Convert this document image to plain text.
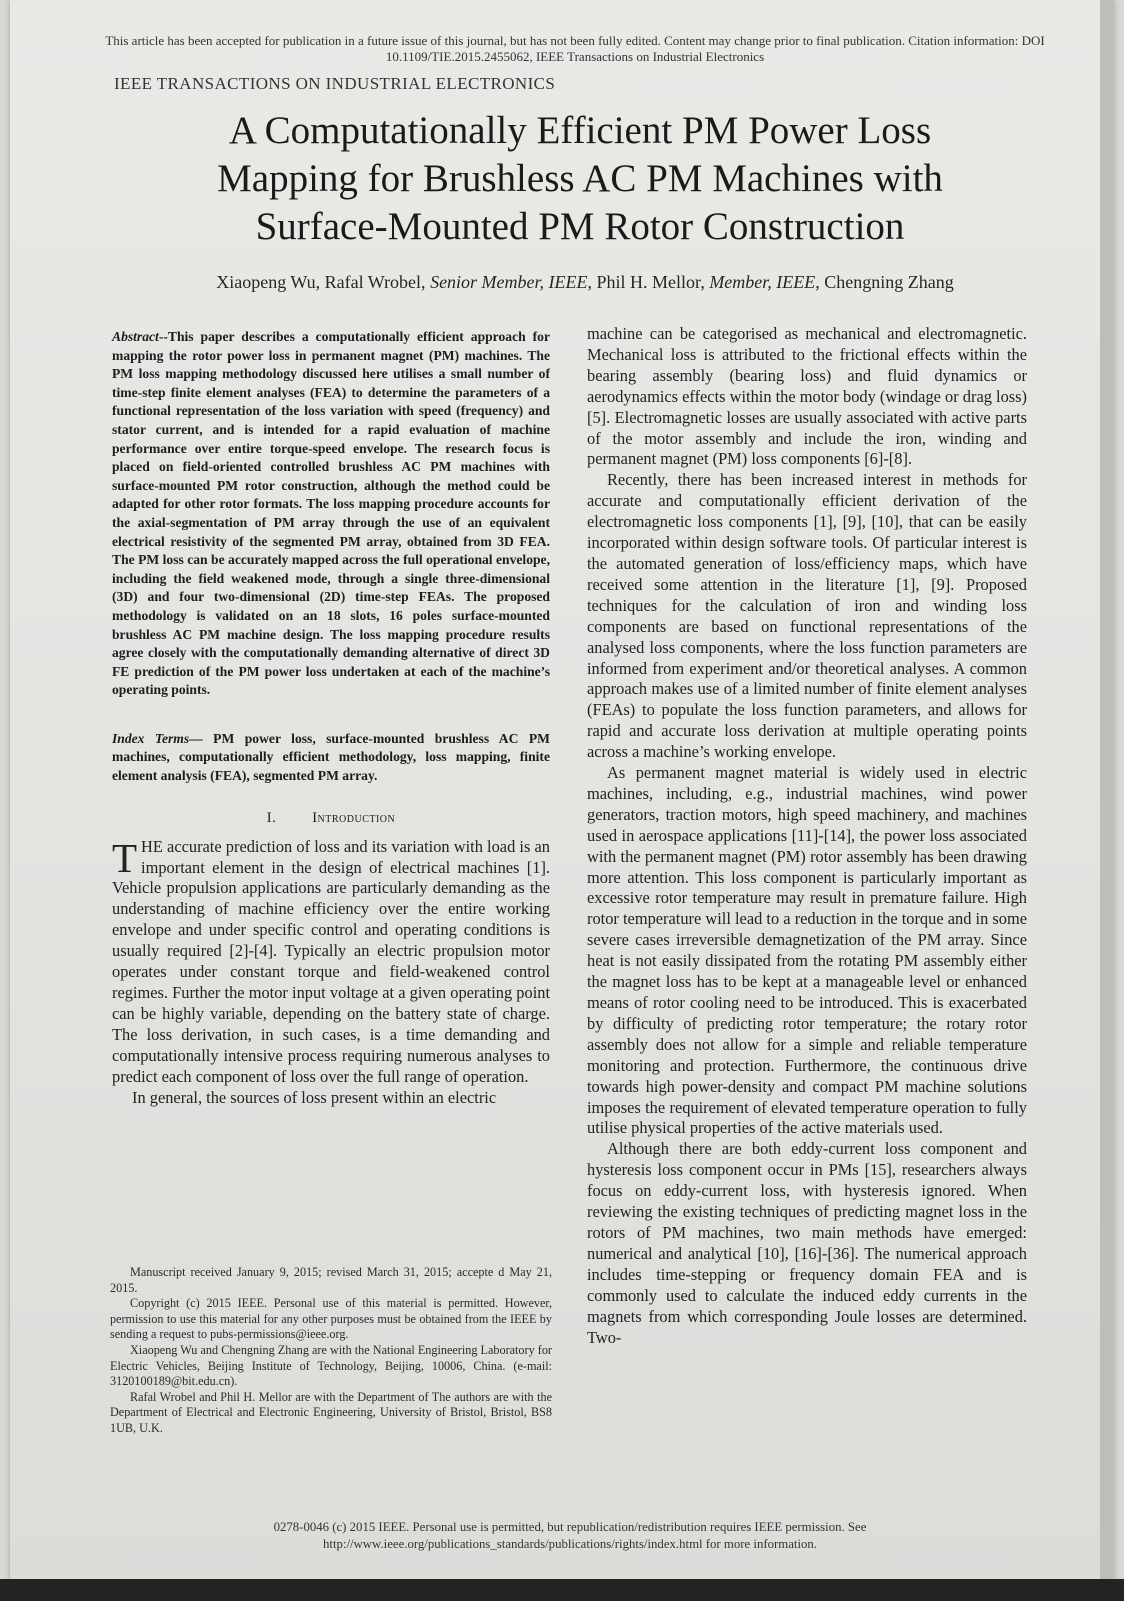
This article has been accepted for publication in a future issue of this journal, but has not been fully edited. Content may change prior to final publication. Citation information: DOI
10.1109/TIE.2015.2455062, IEEE Transactions on Industrial Electronics
IEEE TRANSACTIONS ON INDUSTRIAL ELECTRONICS
A Computationally Efficient PM Power Loss
Mapping for Brushless AC PM Machines with
Surface-Mounted PM Rotor Construction
Xiaopeng Wu, Rafal Wrobel, Senior Member, IEEE, Phil H. Mellor, Member, IEEE, Chengning Zhang
Abstract--This paper describes a computationally efficient approach for mapping the rotor power loss in permanent magnet (PM) machines. The PM loss mapping methodology discussed here utilises a small number of time-step finite element analyses (FEA) to determine the parameters of a functional representation of the loss variation with speed (frequency) and stator current, and is intended for a rapid evaluation of machine performance over entire torque-speed envelope. The research focus is placed on field-oriented controlled brushless AC PM machines with surface-mounted PM rotor construction, although the method could be adapted for other rotor formats. The loss mapping procedure accounts for the axial-segmentation of PM array through the use of an equivalent electrical resistivity of the segmented PM array, obtained from 3D FEA. The PM loss can be accurately mapped across the full operational envelope, including the field weakened mode, through a single three-dimensional (3D) and four two-dimensional (2D) time-step FEAs. The proposed methodology is validated on an 18 slots, 16 poles surface-mounted brushless AC PM machine design. The loss mapping procedure results agree closely with the computationally demanding alternative of direct 3D FE prediction of the PM power loss undertaken at each of the machine’s operating points.
Index Terms— PM power loss, surface-mounted brushless AC PM machines, computationally efficient methodology, loss mapping, finite element analysis (FEA), segmented PM array.
I. Introduction

THE accurate prediction of loss and its variation with load is an important element in the design of electrical machines [1]. Vehicle propulsion applications are particularly demanding as the understanding of machine efficiency over the entire working envelope and under specific control and operating conditions is usually required [2]-[4]. Typically an electric propulsion motor operates under constant torque and field-weakened control regimes. Further the motor input voltage at a given operating point can be highly variable, depending on the battery state of charge. The loss derivation, in such cases, is a time demanding and computationally intensive process requiring numerous analyses to predict each component of loss over the full range of operation.

In general, the sources of loss present within an electric

Manuscript received January 9, 2015; revised March 31, 2015; accepte d May 21, 2015.

Copyright (c) 2015 IEEE. Personal use of this material is permitted. However, permission to use this material for any other purposes must be obtained from the IEEE by sending a request to pubs-permissions@ieee.org.

Xiaopeng Wu and Chengning Zhang are with the National Engineering Laboratory for Electric Vehicles, Beijing Institute of Technology, Beijing, 10006, China. (e-mail: 3120100189@bit.edu.cn).

Rafal Wrobel and Phil H. Mellor are with the Department of The authors are with the Department of Electrical and Electronic Engineering, University of Bristol, Bristol, BS8 1UB, U.K.

machine can be categorised as mechanical and electromagnetic. Mechanical loss is attributed to the frictional effects within the bearing assembly (bearing loss) and fluid dynamics or aerodynamics effects within the motor body (windage or drag loss) [5]. Electromagnetic losses are usually associated with active parts of the motor assembly and include the iron, winding and permanent magnet (PM) loss components [6]-[8].

Recently, there has been increased interest in methods for accurate and computationally efficient derivation of the electromagnetic loss components [1], [9], [10], that can be easily incorporated within design software tools. Of particular interest is the automated generation of loss/efficiency maps, which have received some attention in the literature [1], [9]. Proposed techniques for the calculation of iron and winding loss components are based on functional representations of the analysed loss components, where the loss function parameters are informed from experiment and/or theoretical analyses. A common approach makes use of a limited number of finite element analyses (FEAs) to populate the loss function parameters, and allows for rapid and accurate loss derivation at multiple operating points across a machine’s working envelope.

As permanent magnet material is widely used in electric machines, including, e.g., industrial machines, wind power generators, traction motors, high speed machinery, and machines used in aerospace applications [11]-[14], the power loss associated with the permanent magnet (PM) rotor assembly has been drawing more attention. This loss component is particularly important as excessive rotor temperature may result in premature failure. High rotor temperature will lead to a reduction in the torque and in some severe cases irreversible demagnetization of the PM array. Since heat is not easily dissipated from the rotating PM assembly either the magnet loss has to be kept at a manageable level or enhanced means of rotor cooling need to be introduced. This is exacerbated by difficulty of predicting rotor temperature; the rotary rotor assembly does not allow for a simple and reliable temperature monitoring and protection. Furthermore, the continuous drive towards high power-density and compact PM machine solutions imposes the requirement of elevated temperature operation to fully utilise physical properties of the active materials used.

Although there are both eddy-current loss component and hysteresis loss component occur in PMs [15], researchers always focus on eddy-current loss, with hysteresis ignored. When reviewing the existing techniques of predicting magnet loss in the rotors of PM machines, two main methods have emerged: numerical and analytical [10], [16]-[36]. The numerical approach includes time-stepping or frequency domain FEA and is commonly used to calculate the induced eddy currents in the magnets from which corresponding Joule losses are determined. Two-

0278-0046 (c) 2015 IEEE. Personal use is permitted, but republication/redistribution requires IEEE permission. See
http://www.ieee.org/publications_standards/publications/rights/index.html for more information.
